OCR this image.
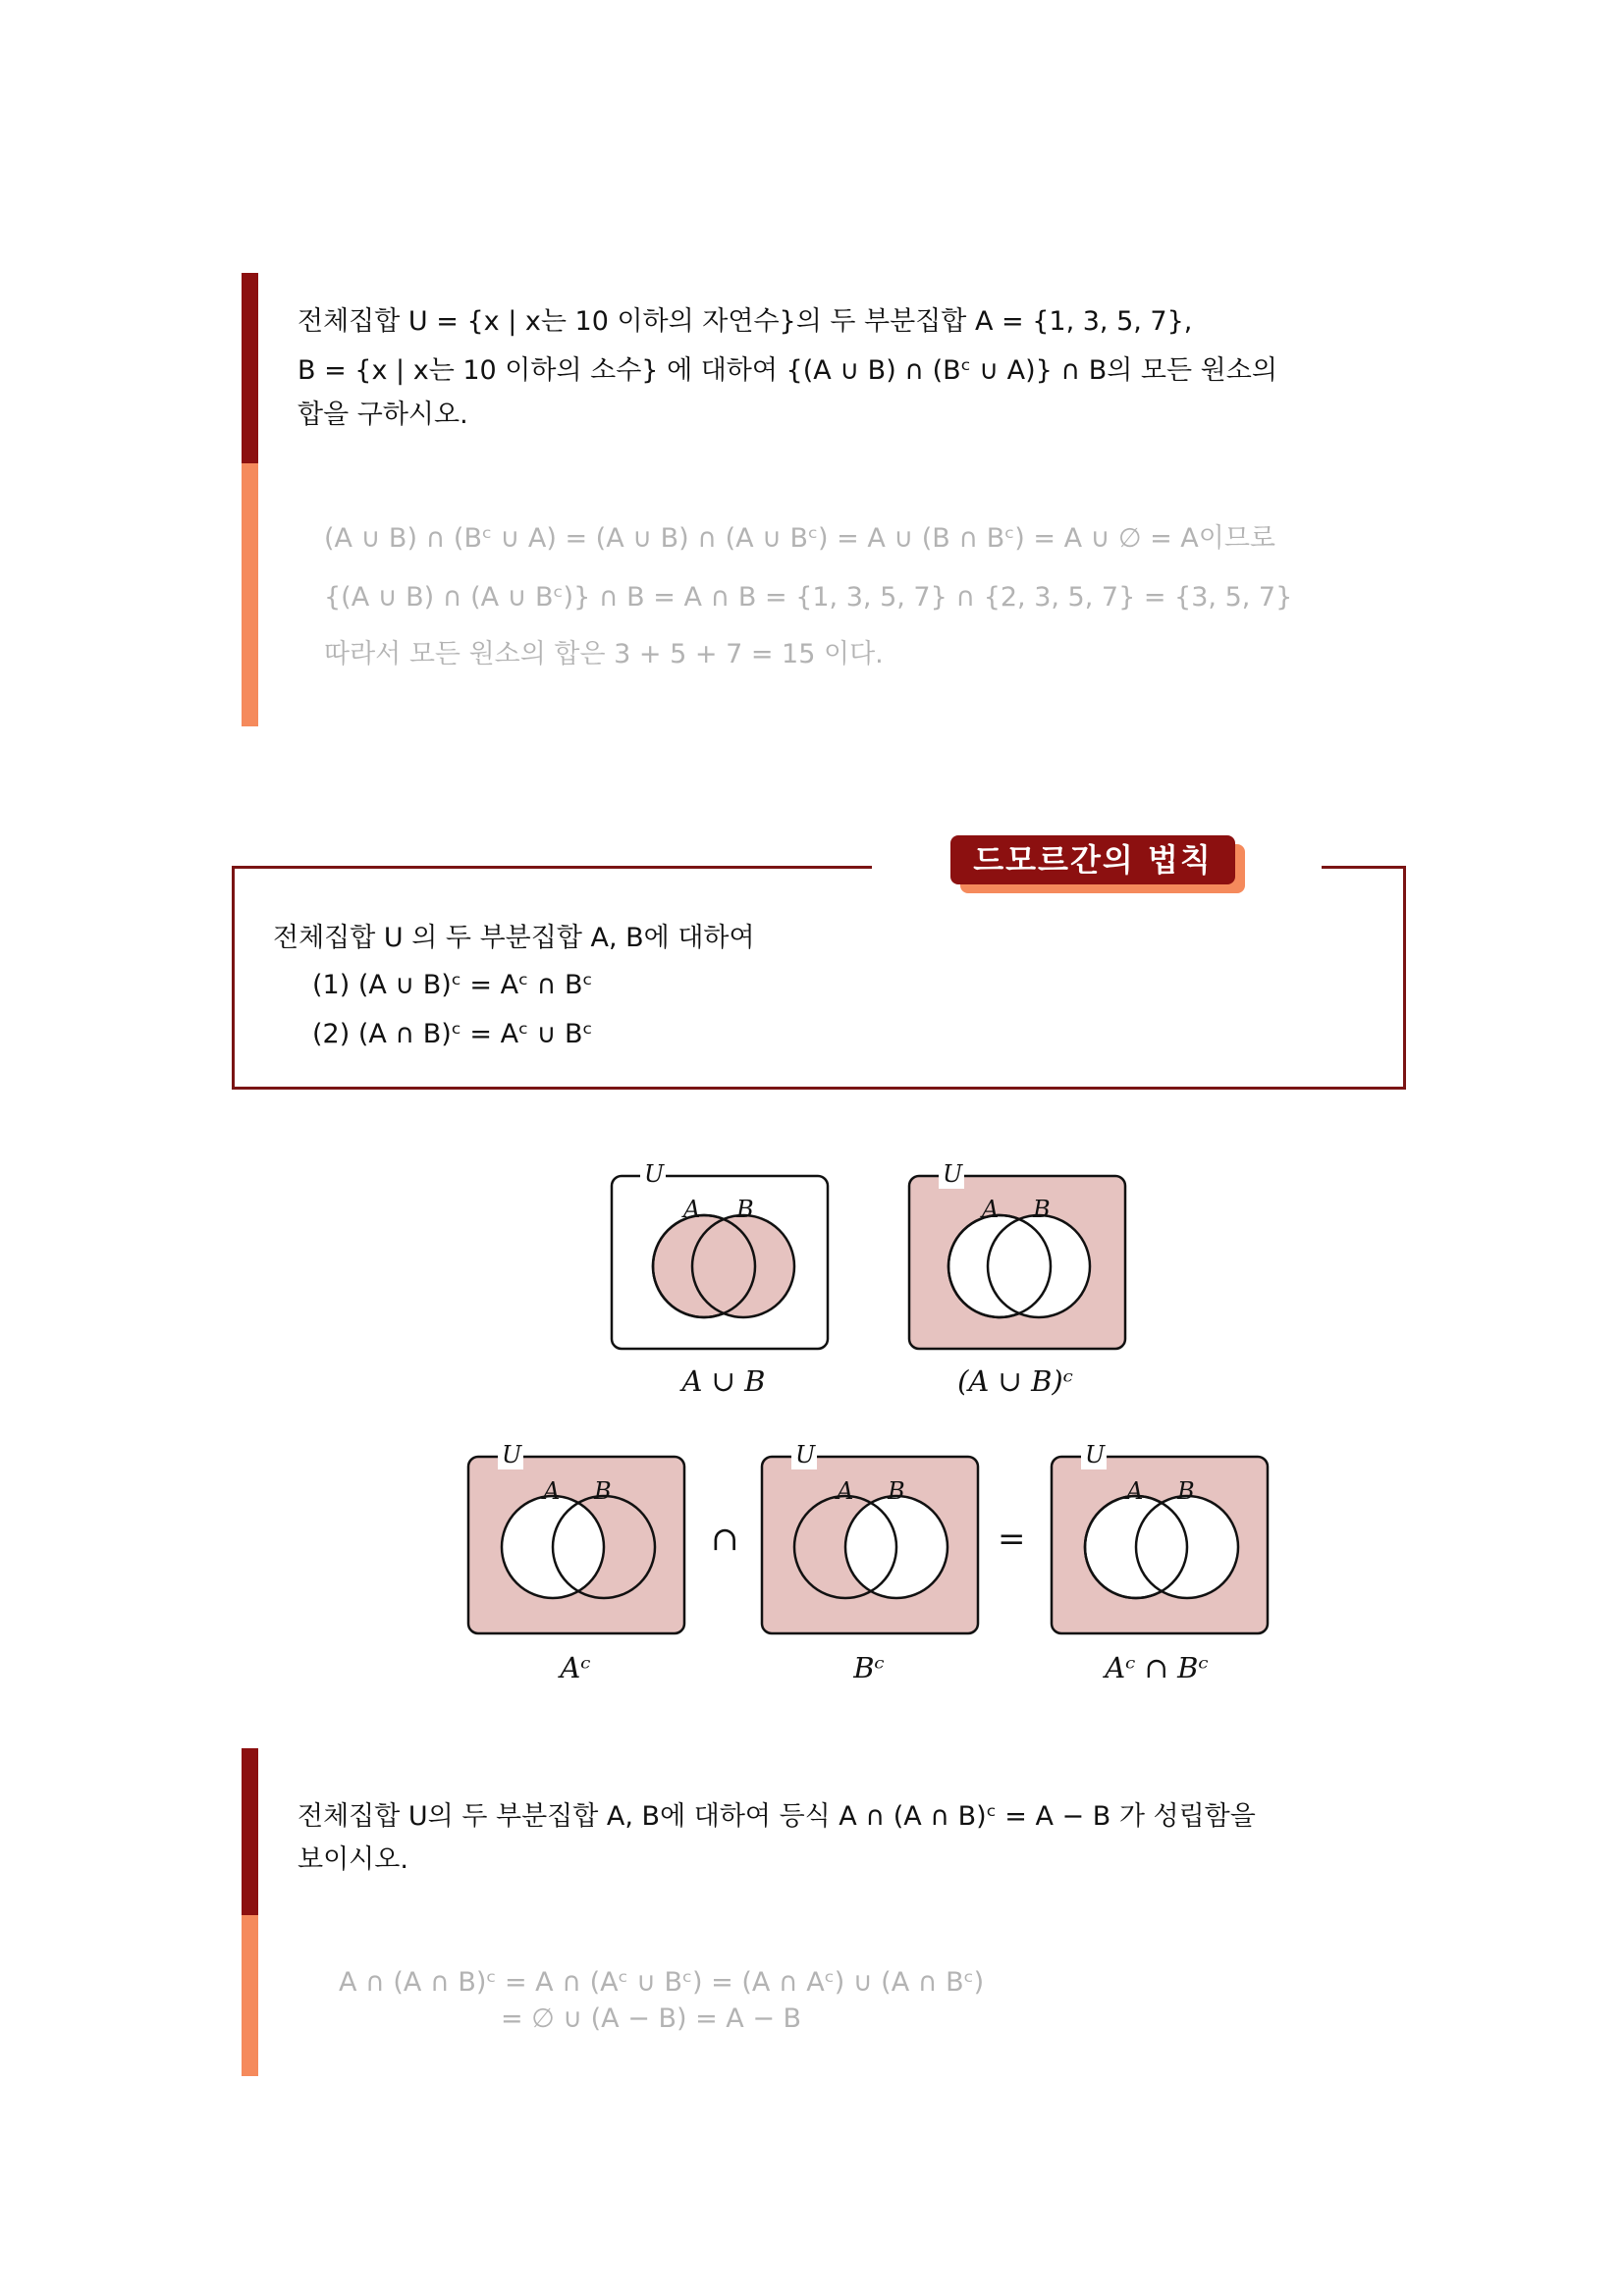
전체집합 U = {x | x는 10 이하의 자연수}의 두 부분집합 A = {1, 3, 5, 7},
B = {x | x는 10 이하의 소수} 에 대하여 {(A ∪ B) ∩ (Bᶜ ∪ A)} ∩ B의 모든 원소의
합을 구하시오.
(A ∪ B) ∩ (Bᶜ ∪ A) = (A ∪ B) ∩ (A ∪ Bᶜ) = A ∪ (B ∩ Bᶜ) = A ∪ ∅ = A이므로
{(A ∪ B) ∩ (A ∪ Bᶜ)} ∩ B = A ∩ B = {1, 3, 5, 7} ∩ {2, 3, 5, 7} = {3, 5, 7}
따라서 모든 원소의 합은 3 + 5 + 7 = 15 이다.
드모르간의 법칙
전체집합 U 의 두 부분집합 A, B에 대하여
(1) (A ∪ B)ᶜ = Aᶜ ∩ Bᶜ
(2) (A ∩ B)ᶜ = Aᶜ ∪ Bᶜ
U
A B
U
A B
U
A B
U
A B
U
A B
A ∪ B	(A ∪ B)ᶜ
∩	=
Aᶜ	Bᶜ	Aᶜ ∩ Bᶜ
전체집합 U의 두 부분집합 A, B에 대하여 등식 A ∩ (A ∩ B)ᶜ = A − B 가 성립함을
보이시오.
A ∩ (A ∩ B)ᶜ = A ∩ (Aᶜ ∪ Bᶜ) = (A ∩ Aᶜ) ∪ (A ∩ Bᶜ)
= ∅ ∪ (A − B) = A − B
